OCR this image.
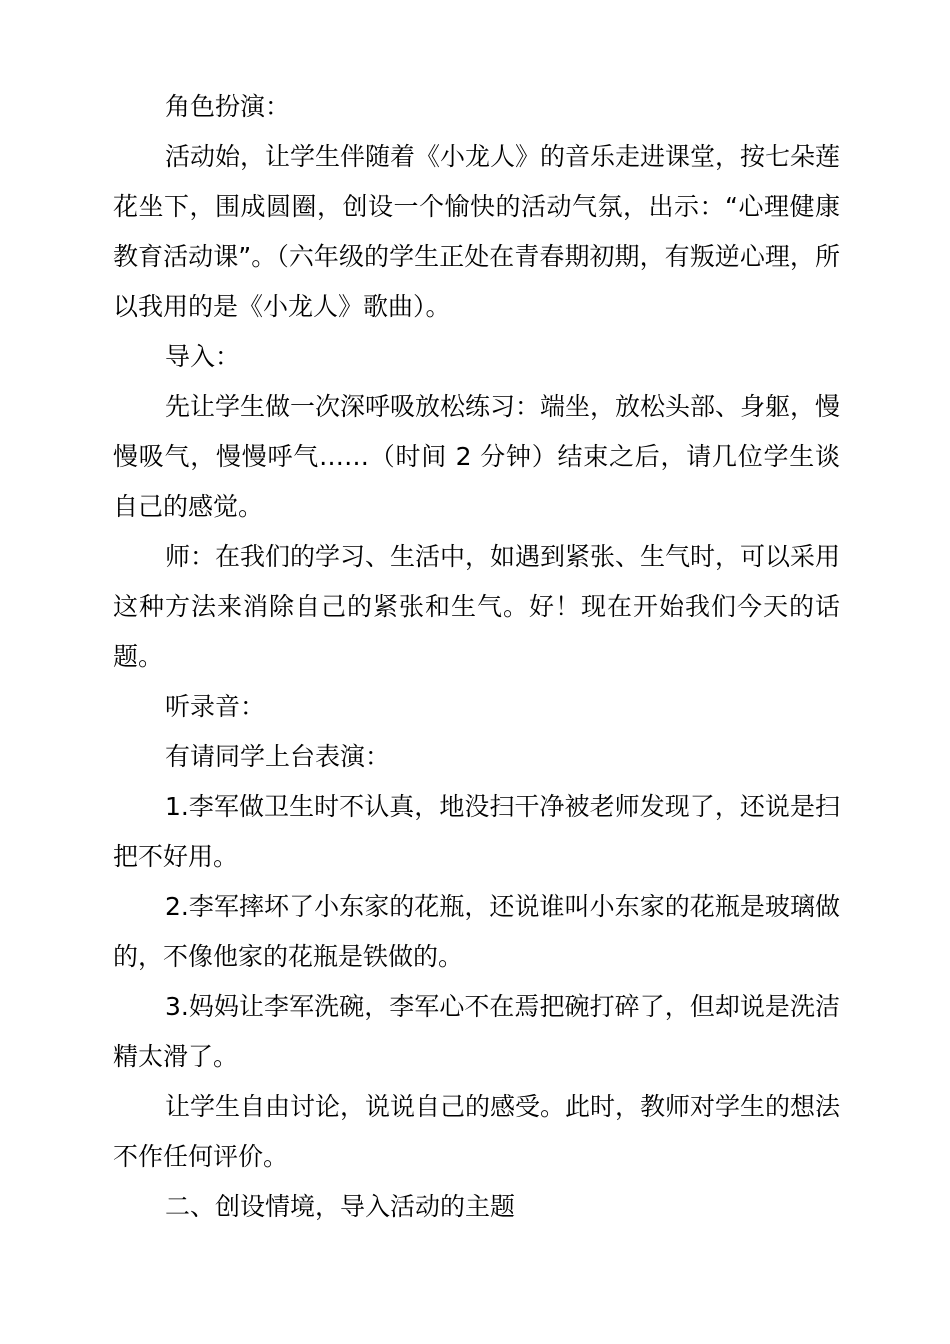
角色扮演：

活动始，让学生伴随着《小龙人》的音乐走进课堂，按七朵莲花坐下，围成圆圈，创设一个愉快的活动气氛，出示：“心理健康教育活动课”。（六年级的学生正处在青春期初期，有叛逆心理，所以我用的是《小龙人》歌曲）。

导入：

先让学生做一次深呼吸放松练习：端坐，放松头部、身躯，慢慢吸气，慢慢呼气……（时间 2 分钟）结束之后，请几位学生谈自己的感觉。

师：在我们的学习、生活中，如遇到紧张、生气时，可以采用这种方法来消除自己的紧张和生气。好！现在开始我们今天的话题。

听录音：

有请同学上台表演：

1.李军做卫生时不认真，地没扫干净被老师发现了，还说是扫把不好用。

2.李军摔坏了小东家的花瓶，还说谁叫小东家的花瓶是玻璃做的，不像他家的花瓶是铁做的。

3.妈妈让李军洗碗，李军心不在焉把碗打碎了，但却说是洗洁精太滑了。

让学生自由讨论，说说自己的感受。此时，教师对学生的想法不作任何评价。

二、创设情境，导入活动的主题
